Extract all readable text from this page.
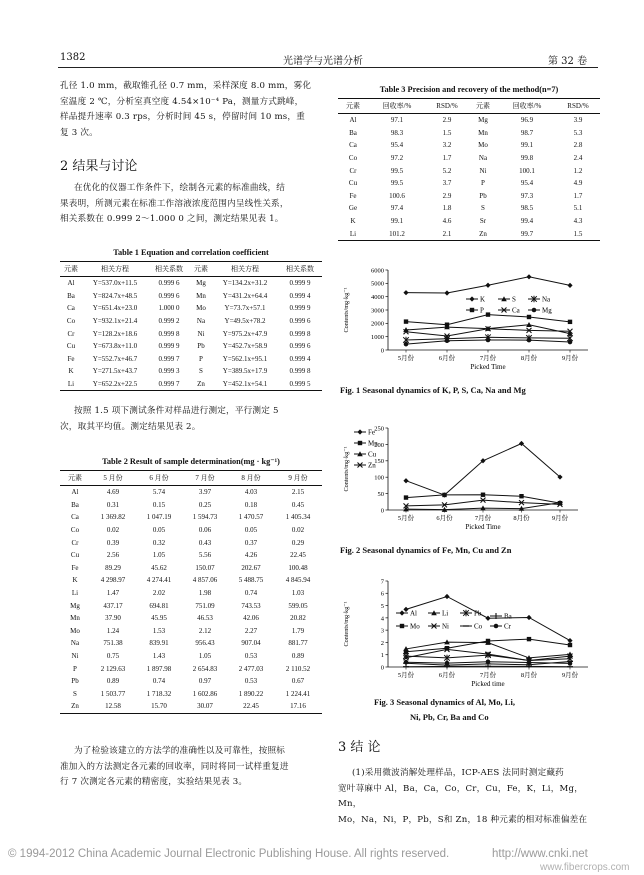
1382	光谱学与光谱分析	第 32 卷
孔径 1.0 mm，截取锥孔径 0.7 mm，采样深度 8.0 mm，雾化
室温度 2 ℃，分析室真空度 4.54×10⁻⁴ Pa，测量方式跳峰，
样品提升速率 0.3 rps，分析时间 45 s，停留时间 10 ms，重
复 3 次。
2 结果与讨论
在优化的仪器工作条件下，绘制各元素的标准曲线，结
果表明，所测元素在标准工作溶液浓度范围内呈线性关系，
相关系数在 0.999 2～1.000 0 之间，测定结果见表 1。
Table 1 Equation and correlation coefficient
元素	相关方程	相关系数	元素	相关方程	相关系数
Al	Y=537.0x+11.5	0.999 6	Mg	Y=134.2x+31.2	0.999 9
Ba	Y=824.7x+48.5	0.999 6	Mn	Y=431.2x+64.4	0.999 4
Ca	Y=651.4x+23.0	1.000 0	Mo	Y=73.7x+57.1	0.999 9
Co	Y=932.1x+21.4	0.999 2	Na	Y=49.5x+78.2	0.999 6
Cr	Y=128.2x+18.6	0.999 8	Ni	Y=975.2x+47.9	0.999 8
Cu	Y=673.8x+11.0	0.999 9	Pb	Y=452.7x+58.9	0.999 6
Fe	Y=552.7x+46.7	0.999 7	P	Y=562.1x+95.1	0.999 4
K	Y=271.5x+43.7	0.999 3	S	Y=389.5x+17.9	0.999 8
Li	Y=652.2x+22.5	0.999 7	Zn	Y=452.1x+54.1	0.999 5
按照 1.5 项下测试条件对样品进行测定，平行测定 5
次，取其平均值。测定结果见表 2。
Table 2 Result of sample determination(mg · kg⁻¹)
元素	5 月份	6 月份	7 月份	8 月份	9 月份
Al	4.69	5.74	3.97	4.03	2.15
Ba	0.31	0.15	0.25	0.18	0.45
Ca	1 369.82	1 047.19	1 594.73	1 470.57	1 405.34
Co	0.02	0.05	0.06	0.05	0.02
Cr	0.39	0.32	0.43	0.37	0.29
Cu	2.56	1.05	5.56	4.26	22.45
Fe	89.29	45.62	150.07	202.67	100.48
K	4 298.97	4 274.41	4 857.06	5 488.75	4 845.94
Li	1.47	2.02	1.98	0.74	1.03
Mg	437.17	694.81	751.09	743.53	599.05
Mn	37.90	45.95	46.53	42.06	20.82
Mo	1.24	1.53	2.12	2.27	1.79
Na	751.38	839.91	956.43	907.04	881.77
Ni	0.75	1.43	1.05	0.53	0.89
P	2 129.63	1 897.98	2 654.83	2 477.03	2 110.52
Pb	0.89	0.74	0.97	0.53	0.67
S	1 503.77	1 718.32	1 602.86	1 890.22	1 224.41
Zn	12.58	15.70	30.07	22.45	17.16
为了检验该建立的方法学的准确性以及可靠性，按照标
准加入的方法测定各元素的回收率，同时将同一试样重复进
行 7 次测定各元素的精密度，实验结果见表 3。
Table 3 Precision and recovery of the method(n=7)
元素	回收率/%	RSD/%	元素	回收率/%	RSD/%
Al	97.1	2.9	Mg	96.9	3.9
Ba	98.3	1.5	Mn	98.7	5.3
Ca	95.4	3.2	Mo	99.1	2.8
Co	97.2	1.7	Na	99.8	2.4
Cr	99.5	5.2	Ni	100.1	1.2
Cu	99.5	3.7	P	95.4	4.9
Fe	100.6	2.9	Pb	97.3	1.7
Ge	97.4	1.8	S	98.5	5.1
K	99.1	4.6	Sr	99.4	4.3
Li	101.2	2.1	Zn	99.7	1.5
0
1000
2000
3000
4000
5000
6000
5月份	6月份	7月份	8月份	9月份
Picked Time
Contents/mg·kg⁻¹	K	S	Na
P	Ca	Mg
Fig. 1 Seasonal dynamics of K, P, S, Ca, Na and Mg
0
50
100
150
200
250
5月份	6月份	7月份	8月份	9月份
Picked Time
Contents/mg·kg⁻¹
Fe
Mn
Cu
Zn
Fig. 2 Seasonal dynamics of Fe, Mn, Cu and Zn
0
1
2
3
4
5
6
7
5月份	6月份	7月份	8月份	9月份
Picked time
Contents/mg·kg⁻¹	Al	Li	Pb	Ba
Mo	Ni	Co	Cr
Fig. 3 Seasonal dynamics of Al, Mo, Li,
Ni, Pb, Cr, Ba and Co
3 结 论
(1)采用微波消解处理样品，ICP-AES 法同时测定藏药
宽叶荨麻中 Al，Ba，Ca，Co，Cr，Cu，Fe，K，Li，Mg，Mn，
Mo，Na，Ni，P，Pb，S和 Zn，18 种元素的相对标准偏差在
© 1994-2012 China Academic Journal Electronic Publishing House. All rights reserved.	http://www.cnki.net
www.fibercrops.com
